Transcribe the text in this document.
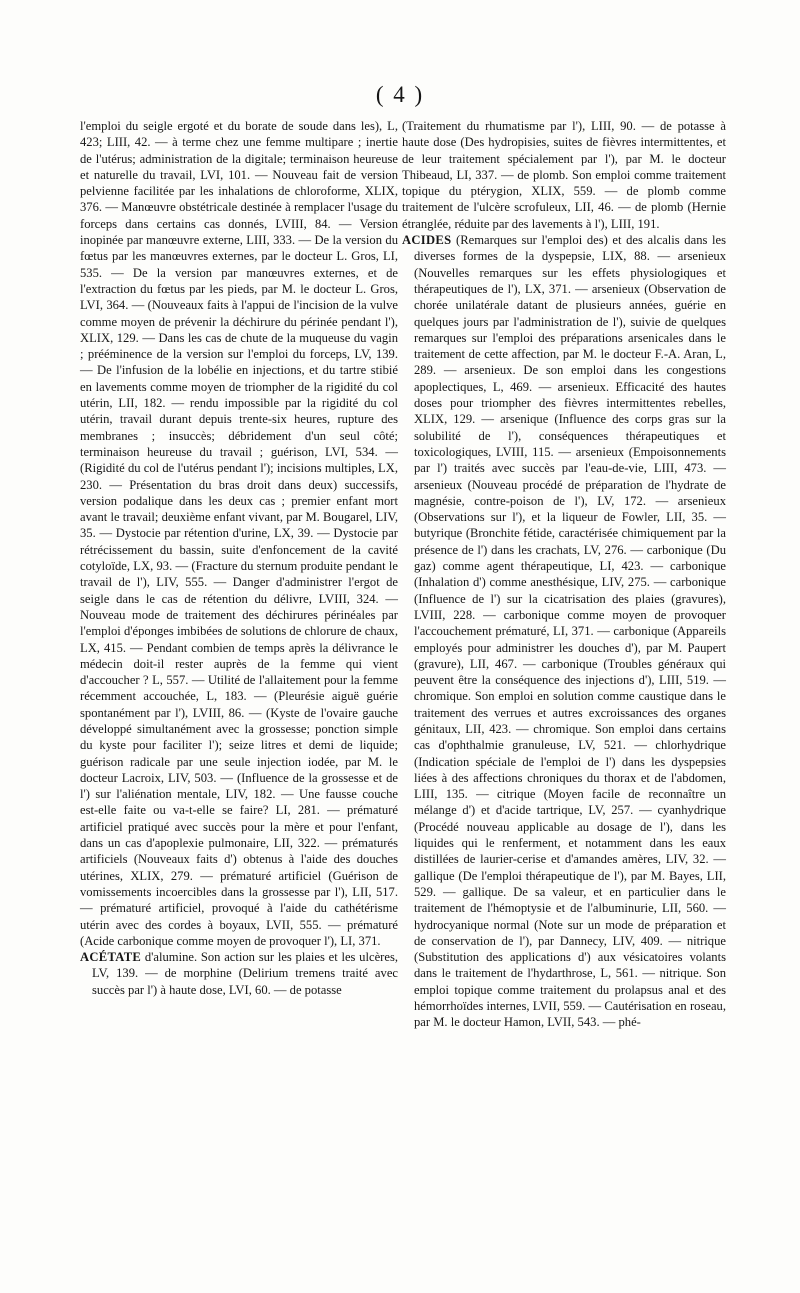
( 4 )

l'emploi du seigle ergoté et du borate de soude dans les), L, 423; LIII, 42. — à terme chez une femme multipare ; inertie de l'utérus; administration de la digitale; terminaison heureuse et naturelle du travail, LVI, 101. — Nouveau fait de version pelvienne facilitée par les inhalations de chloroforme, XLIX, 376. — Manœuvre obstétricale destinée à remplacer l'usage du forceps dans certains cas donnés, LVIII, 84. — Version inopinée par manœuvre externe, LIII, 333. — De la version du fœtus par les manœuvres externes, par le docteur L. Gros, LI, 535. — De la version par manœuvres externes, et de l'extraction du fœtus par les pieds, par M. le docteur L. Gros, LVI, 364. — (Nouveaux faits à l'appui de l'incision de la vulve comme moyen de prévenir la déchirure du périnée pendant l'), XLIX, 129. — Dans les cas de chute de la muqueuse du vagin ; prééminence de la version sur l'emploi du forceps, LV, 139. — De l'infusion de la lobélie en injections, et du tartre stibié en lavements comme moyen de triompher de la rigidité du col utérin, LII, 182. — rendu impossible par la rigidité du col utérin, travail durant depuis trente-six heures, rupture des membranes ; insuccès; débridement d'un seul côté; terminaison heureuse du travail ; guérison, LVI, 534. — (Rigidité du col de l'utérus pendant l'); incisions multiples, LX, 230. — Présentation du bras droit dans deux) successifs, version podalique dans les deux cas ; premier enfant mort avant le travail; deuxième enfant vivant, par M. Bougarel, LIV, 35. — Dystocie par rétention d'urine, LX, 39. — Dystocie par rétrécissement du bassin, suite d'enfoncement de la cavité cotyloïde, LX, 93. — (Fracture du sternum produite pendant le travail de l'), LIV, 555. — Danger d'administrer l'ergot de seigle dans le cas de rétention du délivre, LVIII, 324. — Nouveau mode de traitement des déchirures périnéales par l'emploi d'éponges imbibées de solutions de chlorure de chaux, LX, 415. — Pendant combien de temps après la délivrance le médecin doit-il rester auprès de la femme qui vient d'accoucher ? L, 557. — Utilité de l'allaitement pour la femme récemment accouchée, L, 183. — (Pleurésie aiguë guérie spontanément par l'), LVIII, 86. — (Kyste de l'ovaire gauche développé simultanément avec la grossesse; ponction simple du kyste pour faciliter l'); seize litres et demi de liquide; guérison radicale par une seule injection iodée, par M. le docteur Lacroix, LIV, 503. — (Influence de la grossesse et de l') sur l'aliénation mentale, LIV, 182. — Une fausse couche est-elle faite ou va-t-elle se faire? LI, 281. — prématuré artificiel pratiqué avec succès pour la mère et pour l'enfant, dans un cas d'apoplexie pulmonaire, LII, 322. — prématurés artificiels (Nouveaux faits d') obtenus à l'aide des douches utérines, XLIX, 279. — prématuré artificiel (Guérison de vomissements incoercibles dans la grossesse par l'), LII, 517. — prématuré artificiel, provoqué à l'aide du cathétérisme utérin avec des cordes à boyaux, LVII, 555. — prématuré (Acide carbonique comme moyen de provoquer l'), LI, 371.

ACÉTATE d'alumine. Son action sur les plaies et les ulcères, LV, 139. — de morphine (Delirium tremens traité avec succès par l') à haute dose, LVI, 60. — de potasse

(Traitement du rhumatisme par l'), LIII, 90. — de potasse à haute dose (Des hydropisies, suites de fièvres intermittentes, et de leur traitement spécialement par l'), par M. le docteur Thibeaud, LI, 337. — de plomb. Son emploi comme traitement topique du ptérygion, XLIX, 559. — de plomb comme traitement de l'ulcère scrofuleux, LII, 46. — de plomb (Hernie étranglée, réduite par des lavements à l'), LIII, 191.

ACIDES (Remarques sur l'emploi des) et des alcalis dans les diverses formes de la dyspepsie, LIX, 88. — arsenieux (Nouvelles remarques sur les effets physiologiques et thérapeutiques de l'), LX, 371. — arsenieux (Observation de chorée unilatérale datant de plusieurs années, guérie en quelques jours par l'administration de l'), suivie de quelques remarques sur l'emploi des préparations arsenicales dans le traitement de cette affection, par M. le docteur F.-A. Aran, L, 289. — arsenieux. De son emploi dans les congestions apoplectiques, L, 469. — arsenieux. Efficacité des hautes doses pour triompher des fièvres intermittentes rebelles, XLIX, 129. — arsenique (Influence des corps gras sur la solubilité de l'), conséquences thérapeutiques et toxicologiques, LVIII, 115. — arsenieux (Empoisonnements par l') traités avec succès par l'eau-de-vie, LIII, 473. — arsenieux (Nouveau procédé de préparation de l'hydrate de magnésie, contre-poison de l'), LV, 172. — arsenieux (Observations sur l'), et la liqueur de Fowler, LII, 35. — butyrique (Bronchite fétide, caractérisée chimiquement par la présence de l') dans les crachats, LV, 276. — carbonique (Du gaz) comme agent thérapeutique, LI, 423. — carbonique (Inhalation d') comme anesthésique, LIV, 275. — carbonique (Influence de l') sur la cicatrisation des plaies (gravures), LVIII, 228. — carbonique comme moyen de provoquer l'accouchement prématuré, LI, 371. — carbonique (Appareils employés pour administrer les douches d'), par M. Paupert (gravure), LII, 467. — carbonique (Troubles généraux qui peuvent être la conséquence des injections d'), LIII, 519. — chromique. Son emploi en solution comme caustique dans le traitement des verrues et autres excroissances des organes génitaux, LII, 423. — chromique. Son emploi dans certains cas d'ophthalmie granuleuse, LV, 521. — chlorhydrique (Indication spéciale de l'emploi de l') dans les dyspepsies liées à des affections chroniques du thorax et de l'abdomen, LIII, 135. — citrique (Moyen facile de reconnaître un mélange d') et d'acide tartrique, LV, 257. — cyanhydrique (Procédé nouveau applicable au dosage de l'), dans les liquides qui le renferment, et notamment dans les eaux distillées de laurier-cerise et d'amandes amères, LIV, 32. — gallique (De l'emploi thérapeutique de l'), par M. Bayes, LII, 529. — gallique. De sa valeur, et en particulier dans le traitement de l'hémoptysie et de l'albuminurie, LII, 560. — hydrocyanique normal (Note sur un mode de préparation et de conservation de l'), par Dannecy, LIV, 409. — nitrique (Substitution des applications d') aux vésicatoires volants dans le traitement de l'hydarthrose, L, 561. — nitrique. Son emploi topique comme traitement du prolapsus anal et des hémorrhoïdes internes, LVII, 559. — Cautérisation en roseau, par M. le docteur Hamon, LVII, 543. — phé-
